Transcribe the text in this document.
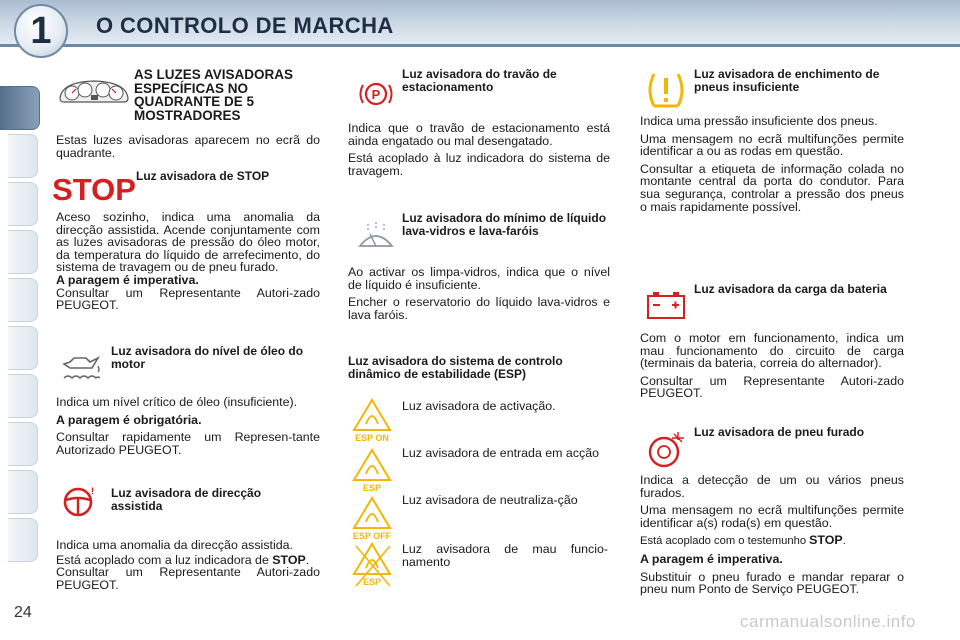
1	O CONTROLO DE MARCHA
AS LUZES AVISADORAS ESPECÍFICAS NO QUADRANTE DE 5 MOSTRADORES
Estas luzes avisadoras aparecem no ecrã do quadrante.
STOP Luz avisadora de STOP
Aceso sozinho, indica uma anomalia da direcção assistida. Acende conjuntamente com as luzes avisadoras de pressão do óleo motor, da temperatura do líquido de arrefecimento, do sistema de travagem ou de pneu furado.
A paragem é imperativa.
Consultar um Representante Autori-zado PEUGEOT.
Luz avisadora do nível de óleo do motor
Indica um nível crítico de óleo (insuficiente).
A paragem é obrigatória.
Consultar rapidamente um Represen-tante Autorizado PEUGEOT.
! Luz avisadora de direcção assistida
Indica uma anomalia da direcção assistida.
Está acoplado com a luz indicadora de STOP.
Consultar um Representante Autori-zado PEUGEOT.
P
Luz avisadora do travão de estacionamento
Indica que o travão de estacionamento está ainda engatado ou mal desengatado.
Está acoplado à luz indicadora do sistema de travagem.
Luz avisadora do mínimo de líquido lava-vidros e lava-faróis
Ao activar os limpa-vidros, indica que o nível de líquido é insuficiente.
Encher o reservatorio do líquido lava-vidros e lava faróis.
Luz avisadora do sistema de controlo dinâmico de estabilidade (ESP)
ESP ON
Luz avisadora de activação.
ESP
Luz avisadora de entrada em acção
ESP OFF
Luz avisadora de neutraliza-ção
ESP
Luz avisadora de mau funcio-namento
Luz avisadora de enchimento de pneus insuficiente
Indica uma pressão insuficiente dos pneus.
Uma mensagem no ecrã multifunções permite identificar a ou as rodas em questão.
Consultar a etiqueta de informação colada no montante central da porta do condutor. Para sua segurança, controlar a pressão dos pneus o mais rapidamente possível.
Luz avisadora da carga da bateria
Com o motor em funcionamento, indica um mau funcionamento do circuito de carga (terminais da bateria, correia do alternador).
Consultar um Representante Autori-zado PEUGEOT.
Luz avisadora de pneu furado
Indica a detecção de um ou vários pneus furados.
Uma mensagem no ecrã multifunções permite identificar a(s) roda(s) em questão.
Está acoplado com o testemunho STOP.
A paragem é imperativa.
Substituir o pneu furado e mandar reparar o pneu num Ponto de Serviço PEUGEOT.
24	carmanualsonline.info
